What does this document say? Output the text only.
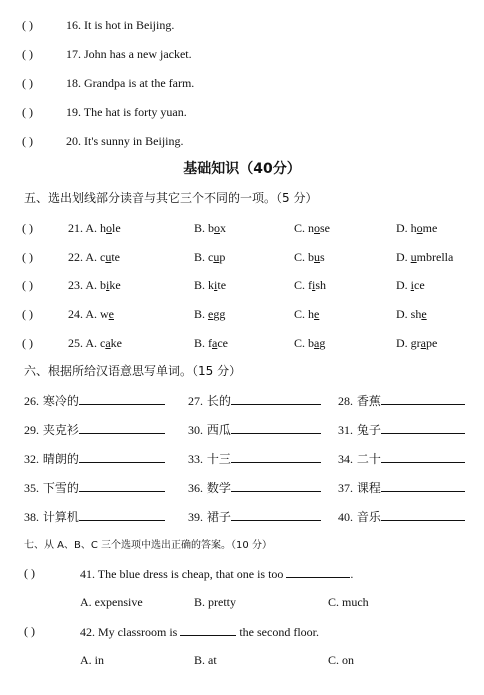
( )	16. It is hot in Beijing.
( )	17. John has a new jacket.
( )	18. Grandpa is at the farm.
( )	19. The hat is forty yuan.
( )	20. It's sunny in Beijing.
基础知识（40分）
五、选出划线部分读音与其它三个不同的一项。（5 分）
( )	21. A. hole	B. box	C. nose	D. home
( )	22. A. cute	B. cup	C. bus	D. umbrella
( )	23. A. bike	B. kite	C. fish	D. ice
( )	24. A. we	B. egg	C. he	D. she
( )	25. A. cake	B. face	C. bag	D. grape
六、根据所给汉语意思写单词。（15 分）
26. 寒冷的	27. 长的	28. 香蕉
29. 夹克衫	30. 西瓜	31. 兔子
32. 晴朗的	33. 十三	34. 二十
35. 下雪的	36. 数学	37. 课程
38. 计算机	39. 裙子	40. 音乐
七、从 A、B、C 三个选项中选出正确的答案。（10 分）
( )	41. The blue dress is cheap, that one is too	.
A. expensive	B. pretty	C. much
( )	42. My classroom is	the second floor.
A. in	B. at	C. on
